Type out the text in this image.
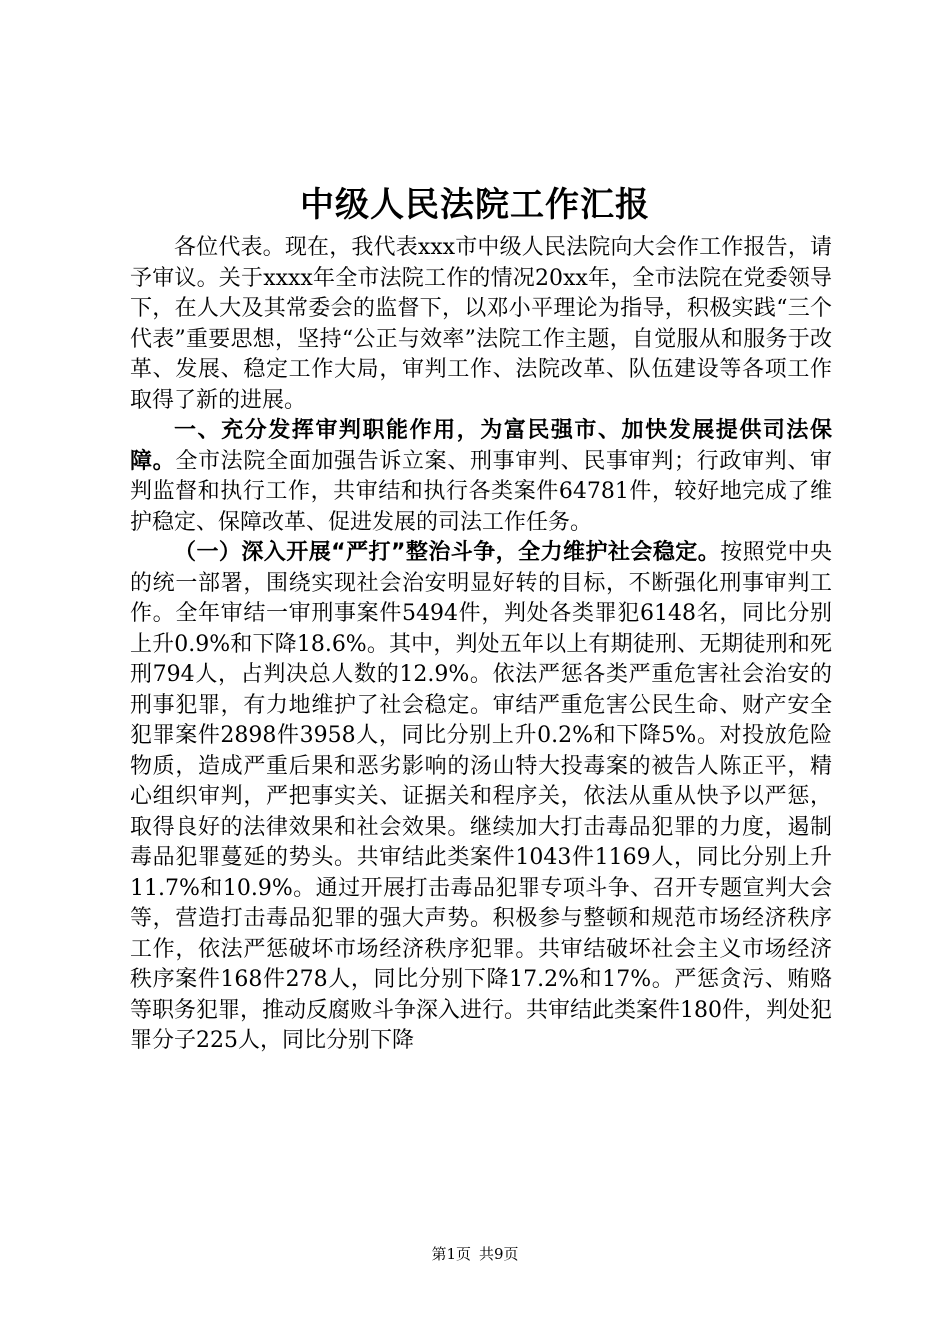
中级人民法院工作汇报

各位代表。现在，我代表xxx市中级人民法院向大会作工作报告，请予审议。关于xxxx年全市法院工作的情况20xx年，全市法院在党委领导下，在人大及其常委会的监督下，以邓小平理论为指导，积极实践“三个代表”重要思想，坚持“公正与效率”法院工作主题，自觉服从和服务于改革、发展、稳定工作大局，审判工作、法院改革、队伍建设等各项工作取得了新的进展。

一、充分发挥审判职能作用，为富民强市、加快发展提供司法保障。全市法院全面加强告诉立案、刑事审判、民事审判；行政审判、审判监督和执行工作，共审结和执行各类案件64781件，较好地完成了维护稳定、保障改革、促进发展的司法工作任务。

（一）深入开展“严打”整治斗争，全力维护社会稳定。按照党中央的统一部署，围绕实现社会治安明显好转的目标，不断强化刑事审判工作。全年审结一审刑事案件5494件，判处各类罪犯6148名，同比分别上升0.9%和下降18.6%。其中，判处五年以上有期徒刑、无期徒刑和死刑794人，占判决总人数的12.9%。依法严惩各类严重危害社会治安的刑事犯罪，有力地维护了社会稳定。审结严重危害公民生命、财产安全犯罪案件2898件3958人，同比分别上升0.2%和下降5%。对投放危险物质，造成严重后果和恶劣影响的汤山特大投毒案的被告人陈正平，精心组织审判，严把事实关、证据关和程序关，依法从重从快予以严惩，取得良好的法律效果和社会效果。继续加大打击毒品犯罪的力度，遏制毒品犯罪蔓延的势头。共审结此类案件1043件1169人，同比分别上升11.7%和10.9%。通过开展打击毒品犯罪专项斗争、召开专题宣判大会等，营造打击毒品犯罪的强大声势。积极参与整顿和规范市场经济秩序工作，依法严惩破坏市场经济秩序犯罪。共审结破坏社会主义市场经济秩序案件168件278人，同比分别下降17.2%和17%。严惩贪污、贿赂等职务犯罪，推动反腐败斗争深入进行。共审结此类案件180件，判处犯罪分子225人，同比分别下降

第1页 共9页
